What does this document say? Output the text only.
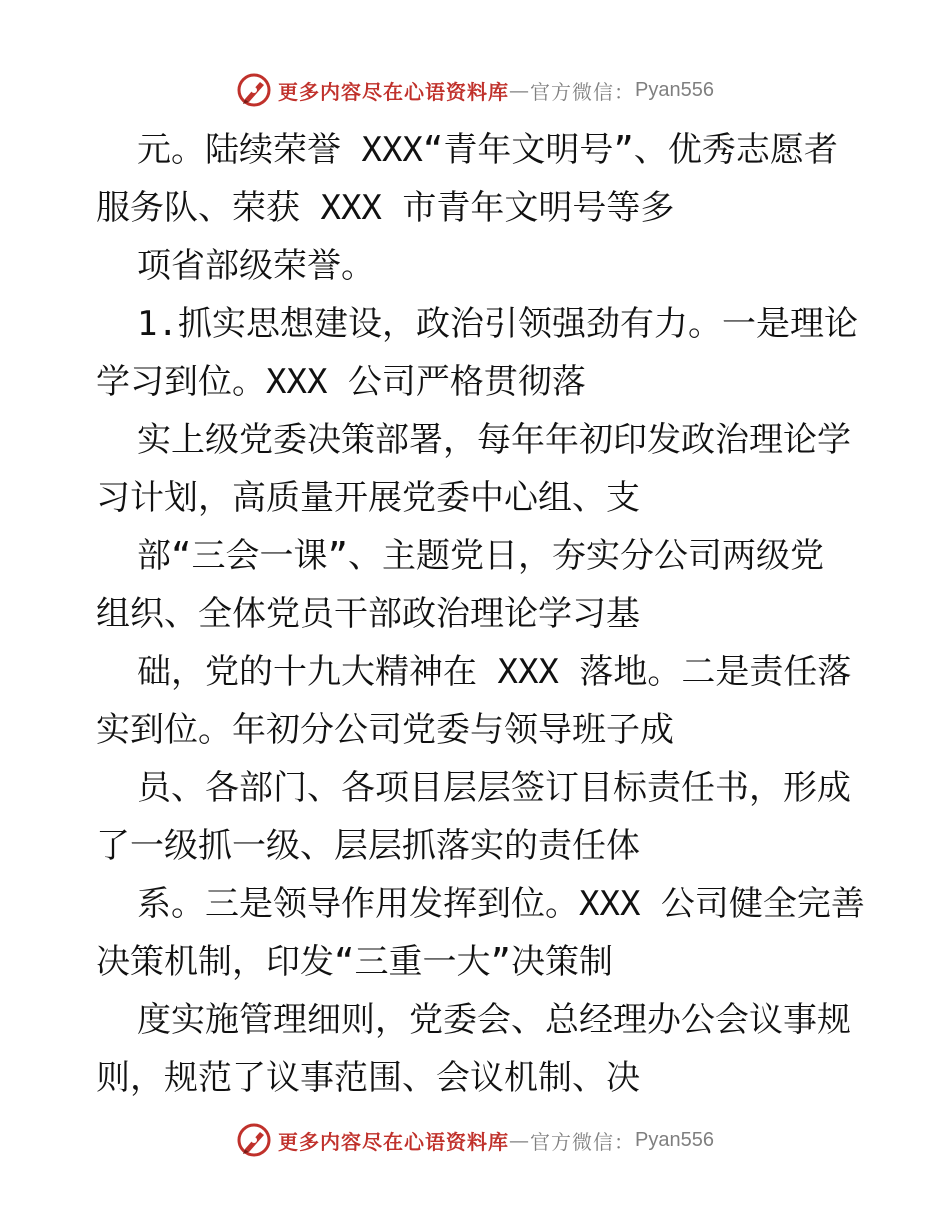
更多内容尽在心语资料库 — 官方微信： Pyan556
元。陆续荣誉 XXX“青年文明号”、优秀志愿者
服务队、荣获 XXX 市青年文明号等多
项省部级荣誉。
1.抓实思想建设，政治引领强劲有力。一是理论
学习到位。XXX 公司严格贯彻落
实上级党委决策部署，每年年初印发政治理论学
习计划，高质量开展党委中心组、支
部“三会一课”、主题党日，夯实分公司两级党
组织、全体党员干部政治理论学习基
础，党的十九大精神在 XXX 落地。二是责任落
实到位。年初分公司党委与领导班子成
员、各部门、各项目层层签订目标责任书，形成
了一级抓一级、层层抓落实的责任体
系。三是领导作用发挥到位。XXX 公司健全完善
决策机制，印发“三重一大”决策制
度实施管理细则，党委会、总经理办公会议事规
则，规范了议事范围、会议机制、决
更多内容尽在心语资料库 — 官方微信： Pyan556
